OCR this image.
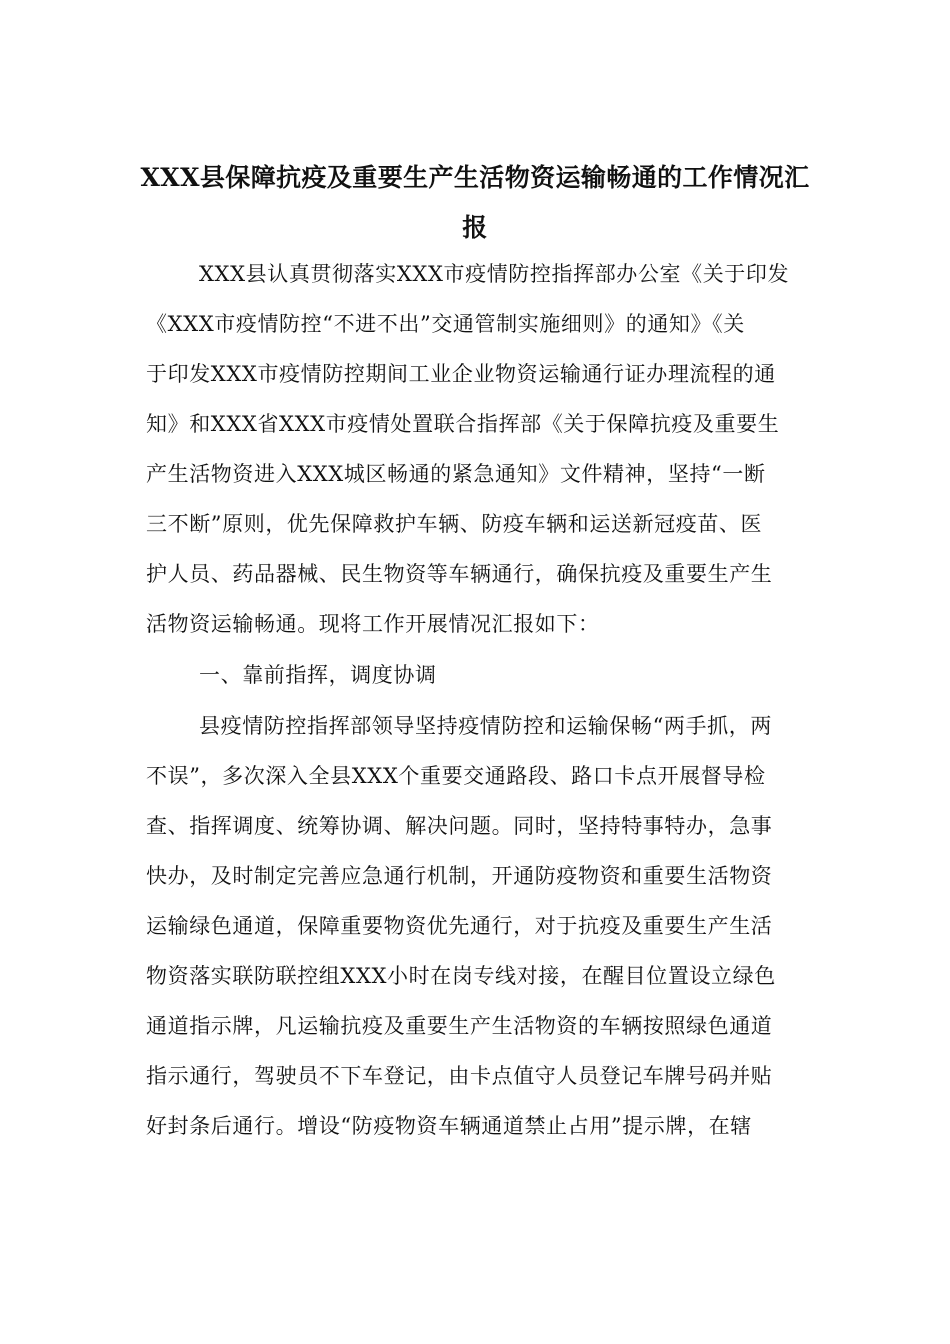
XXX县保障抗疫及重要生产生活物资运输畅通的工作情况汇
报
XXX县认真贯彻落实XXX市疫情防控指挥部办公室《关于印发
《XXX市疫情防控“不进不出”交通管制实施细则》的通知》《关
于印发XXX市疫情防控期间工业企业物资运输通行证办理流程的通
知》和XXX省XXX市疫情处置联合指挥部《关于保障抗疫及重要生
产生活物资进入XXX城区畅通的紧急通知》文件精神，坚持“一断
三不断”原则，优先保障救护车辆、防疫车辆和运送新冠疫苗、医
护人员、药品器械、民生物资等车辆通行，确保抗疫及重要生产生
活物资运输畅通。现将工作开展情况汇报如下：
一、靠前指挥，调度协调
县疫情防控指挥部领导坚持疫情防控和运输保畅“两手抓，两
不误”，多次深入全县XXX个重要交通路段、路口卡点开展督导检
查、指挥调度、统筹协调、解决问题。同时，坚持特事特办，急事
快办，及时制定完善应急通行机制，开通防疫物资和重要生活物资
运输绿色通道，保障重要物资优先通行，对于抗疫及重要生产生活
物资落实联防联控组XXX小时在岗专线对接，在醒目位置设立绿色
通道指示牌，凡运输抗疫及重要生产生活物资的车辆按照绿色通道
指示通行，驾驶员不下车登记，由卡点值守人员登记车牌号码并贴
好封条后通行。增设“防疫物资车辆通道禁止占用”提示牌，在辖
